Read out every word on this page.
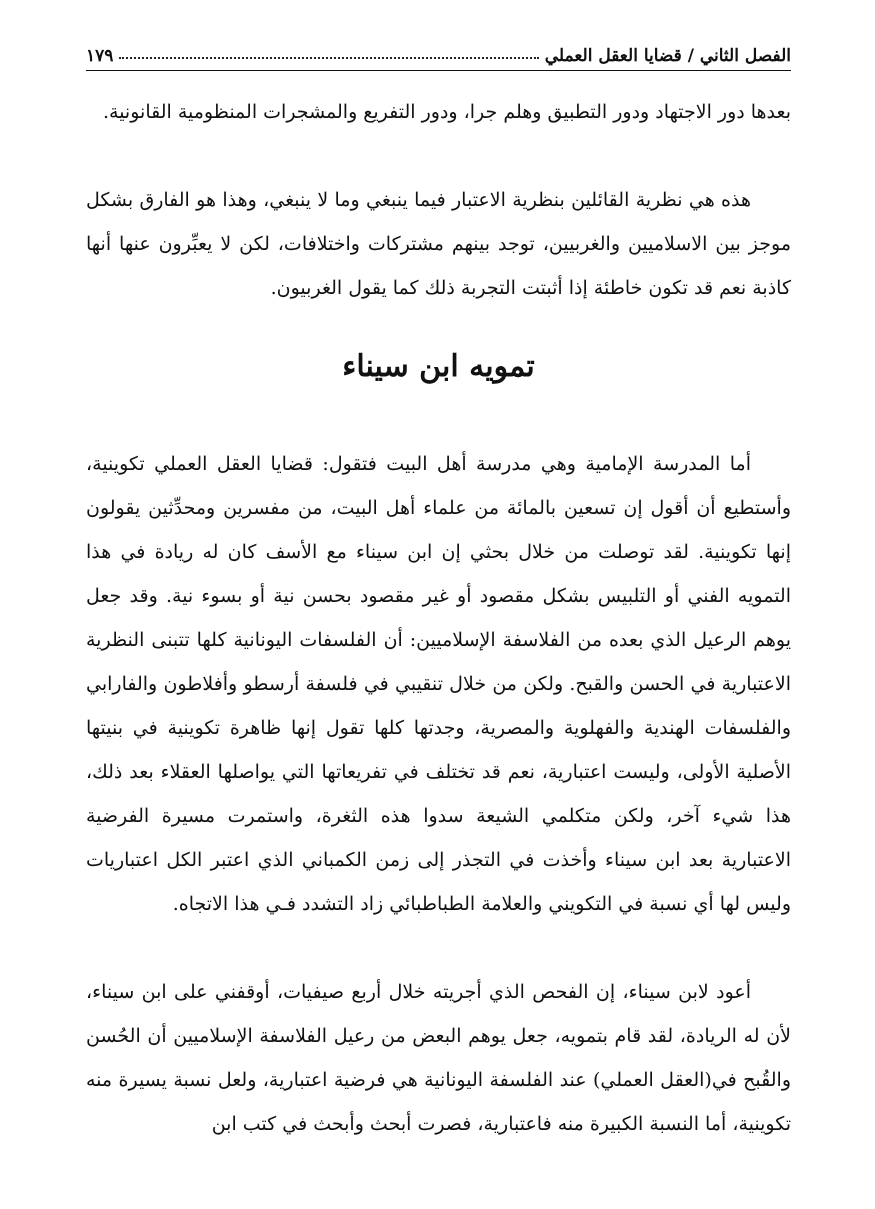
الفصل الثاني / قضايا العقل العملي
١٧٩

بعدها دور الاجتهاد ودور التطبيق وهلم جرا، ودور التفريع والمشجرات المنظومية القانونية.

هذه هي نظرية القائلين بنظرية الاعتبار فيما ينبغي وما لا ينبغي، وهذا هو الفارق بشكل موجز بين الاسلاميين والغربيين، توجد بينهم مشتركات واختلافات، لكن لا يعبِّرون عنها أنها كاذبة نعم قد تكون خاطئة إذا أثبتت التجربة ذلك كما يقول الغربيون.

تمويه ابن سيناء

أما المدرسة الإمامية وهي مدرسة أهل البيت فتقول: قضايا العقل العملي تكوينية، وأستطيع أن أقول إن تسعين بالمائة من علماء أهل البيت، من مفسرين ومحدِّثين يقولون إنها تكوينية. لقد توصلت من خلال بحثي إن ابن سيناء مع الأسف كان له ريادة في هذا التمويه الفني أو التلبيس بشكل مقصود أو غير مقصود بحسن نية أو بسوء نية. وقد جعل يوهم الرعيل الذي بعده من الفلاسفة الإسلاميين: أن الفلسفات اليونانية كلها تتبنى النظرية الاعتبارية في الحسن والقبح. ولكن من خلال تنقيبي في فلسفة أرسطو وأفلاطون والفارابي والفلسفات الهندية والفهلوية والمصرية، وجدتها كلها تقول إنها ظاهرة تكوينية في بنيتها الأصلية الأولى، وليست اعتبارية، نعم قد تختلف في تفريعاتها التي يواصلها العقلاء بعد ذلك، هذا شيء آخر، ولكن متكلمي الشيعة سدوا هذه الثغرة، واستمرت مسيرة الفرضية الاعتبارية بعد ابن سيناء وأخذت في التجذر إلى زمن الكمباني الذي اعتبر الكل اعتباريات وليس لها أي نسبة في التكويني والعلامة الطباطبائي زاد التشدد فـي هذا الاتجاه.

أعود لابن سيناء، إن الفحص الذي أجريته خلال أربع صيفيات، أوقفني على ابن سيناء، لأن له الريادة، لقد قام بتمويه، جعل يوهم البعض من رعيل الفلاسفة الإسلاميين أن الحُسن والقُبح في(العقل العملي) عند الفلسفة اليونانية هي فرضية اعتبارية، ولعل نسبة يسيرة منه تكوينية، أما النسبة الكبيرة منه فاعتبارية، فصرت أبحث وأبحث في كتب ابن
